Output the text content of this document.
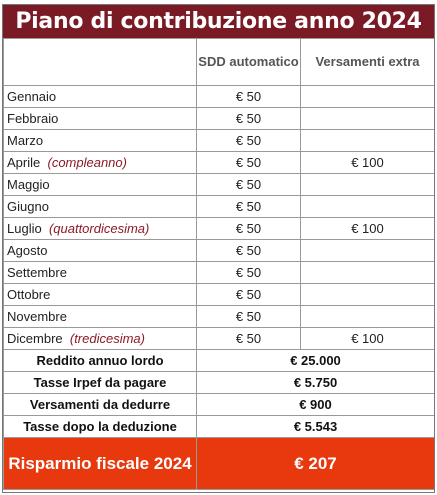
Piano di contribuzione anno 2024
	SDD automatico	Versamenti extra
Gennaio	€ 50	
Febbraio	€ 50	
Marzo	€ 50	
Aprile (compleanno)	€ 50	€ 100
Maggio	€ 50	
Giugno	€ 50	
Luglio (quattordicesima)	€ 50	€ 100
Agosto	€ 50	
Settembre	€ 50	
Ottobre	€ 50	
Novembre	€ 50	
Dicembre (tredicesima)	€ 50	€ 100
Reddito annuo lordo	€ 25.000	
Tasse Irpef da pagare	€ 5.750	
Versamenti da dedurre	€ 900	
Tasse dopo la deduzione	€ 5.543	
Risparmio fiscale 2024	€ 207	
